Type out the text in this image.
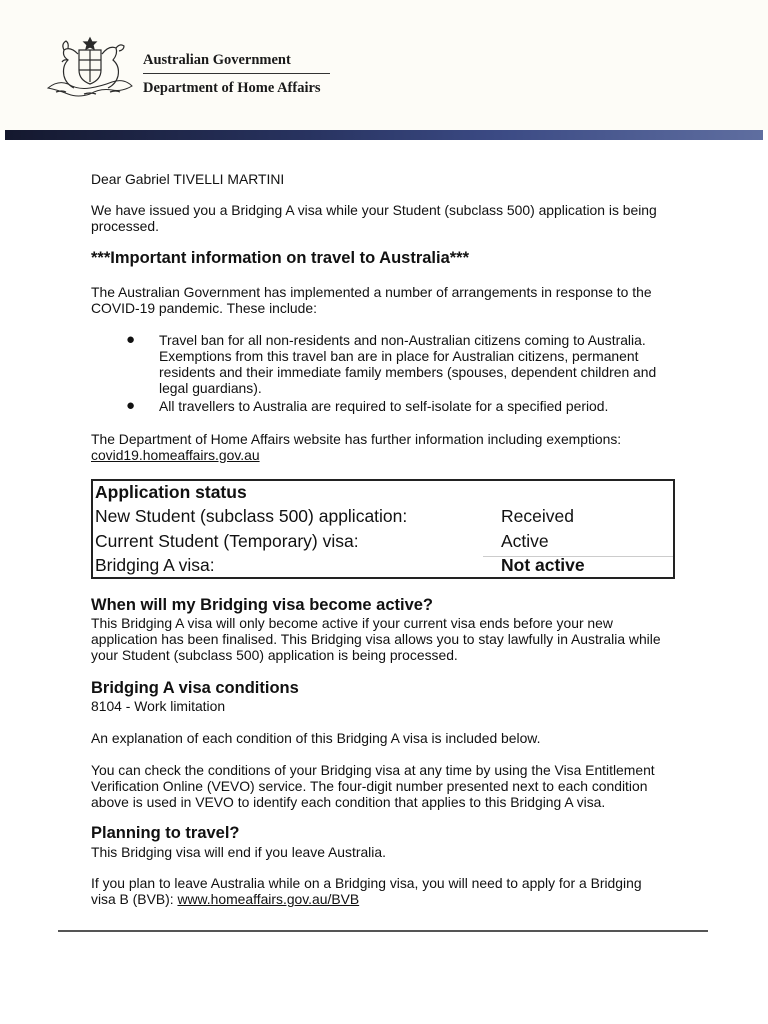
Australian Government

Department of Home Affairs

Dear Gabriel TIVELLI MARTINI

We have issued you a Bridging A visa while your Student (subclass 500) application is being

processed.

***Important information on travel to Australia***

The Australian Government has implemented a number of arrangements in response to the

COVID-19 pandemic. These include:

● Travel ban for all non-residents and non-Australian citizens coming to Australia.

Exemptions from this travel ban are in place for Australian citizens, permanent

residents and their immediate family members (spouses, dependent children and

legal guardians).

● All travellers to Australia are required to self-isolate for a specified period.

The Department of Home Affairs website has further information including exemptions:

covid19.homeaffairs.gov.au

Application status

New Student (subclass 500) application:	Received

Current Student (Temporary) visa:	Active

Bridging A visa:	Not active

When will my Bridging visa become active?

This Bridging A visa will only become active if your current visa ends before your new

application has been finalised. This Bridging visa allows you to stay lawfully in Australia while

your Student (subclass 500) application is being processed.

Bridging A visa conditions

8104 - Work limitation

An explanation of each condition of this Bridging A visa is included below.

You can check the conditions of your Bridging visa at any time by using the Visa Entitlement

Verification Online (VEVO) service. The four-digit number presented next to each condition

above is used in VEVO to identify each condition that applies to this Bridging A visa.

Planning to travel?

This Bridging visa will end if you leave Australia.

If you plan to leave Australia while on a Bridging visa, you will need to apply for a Bridging

visa B (BVB): www.homeaffairs.gov.au/BVB
